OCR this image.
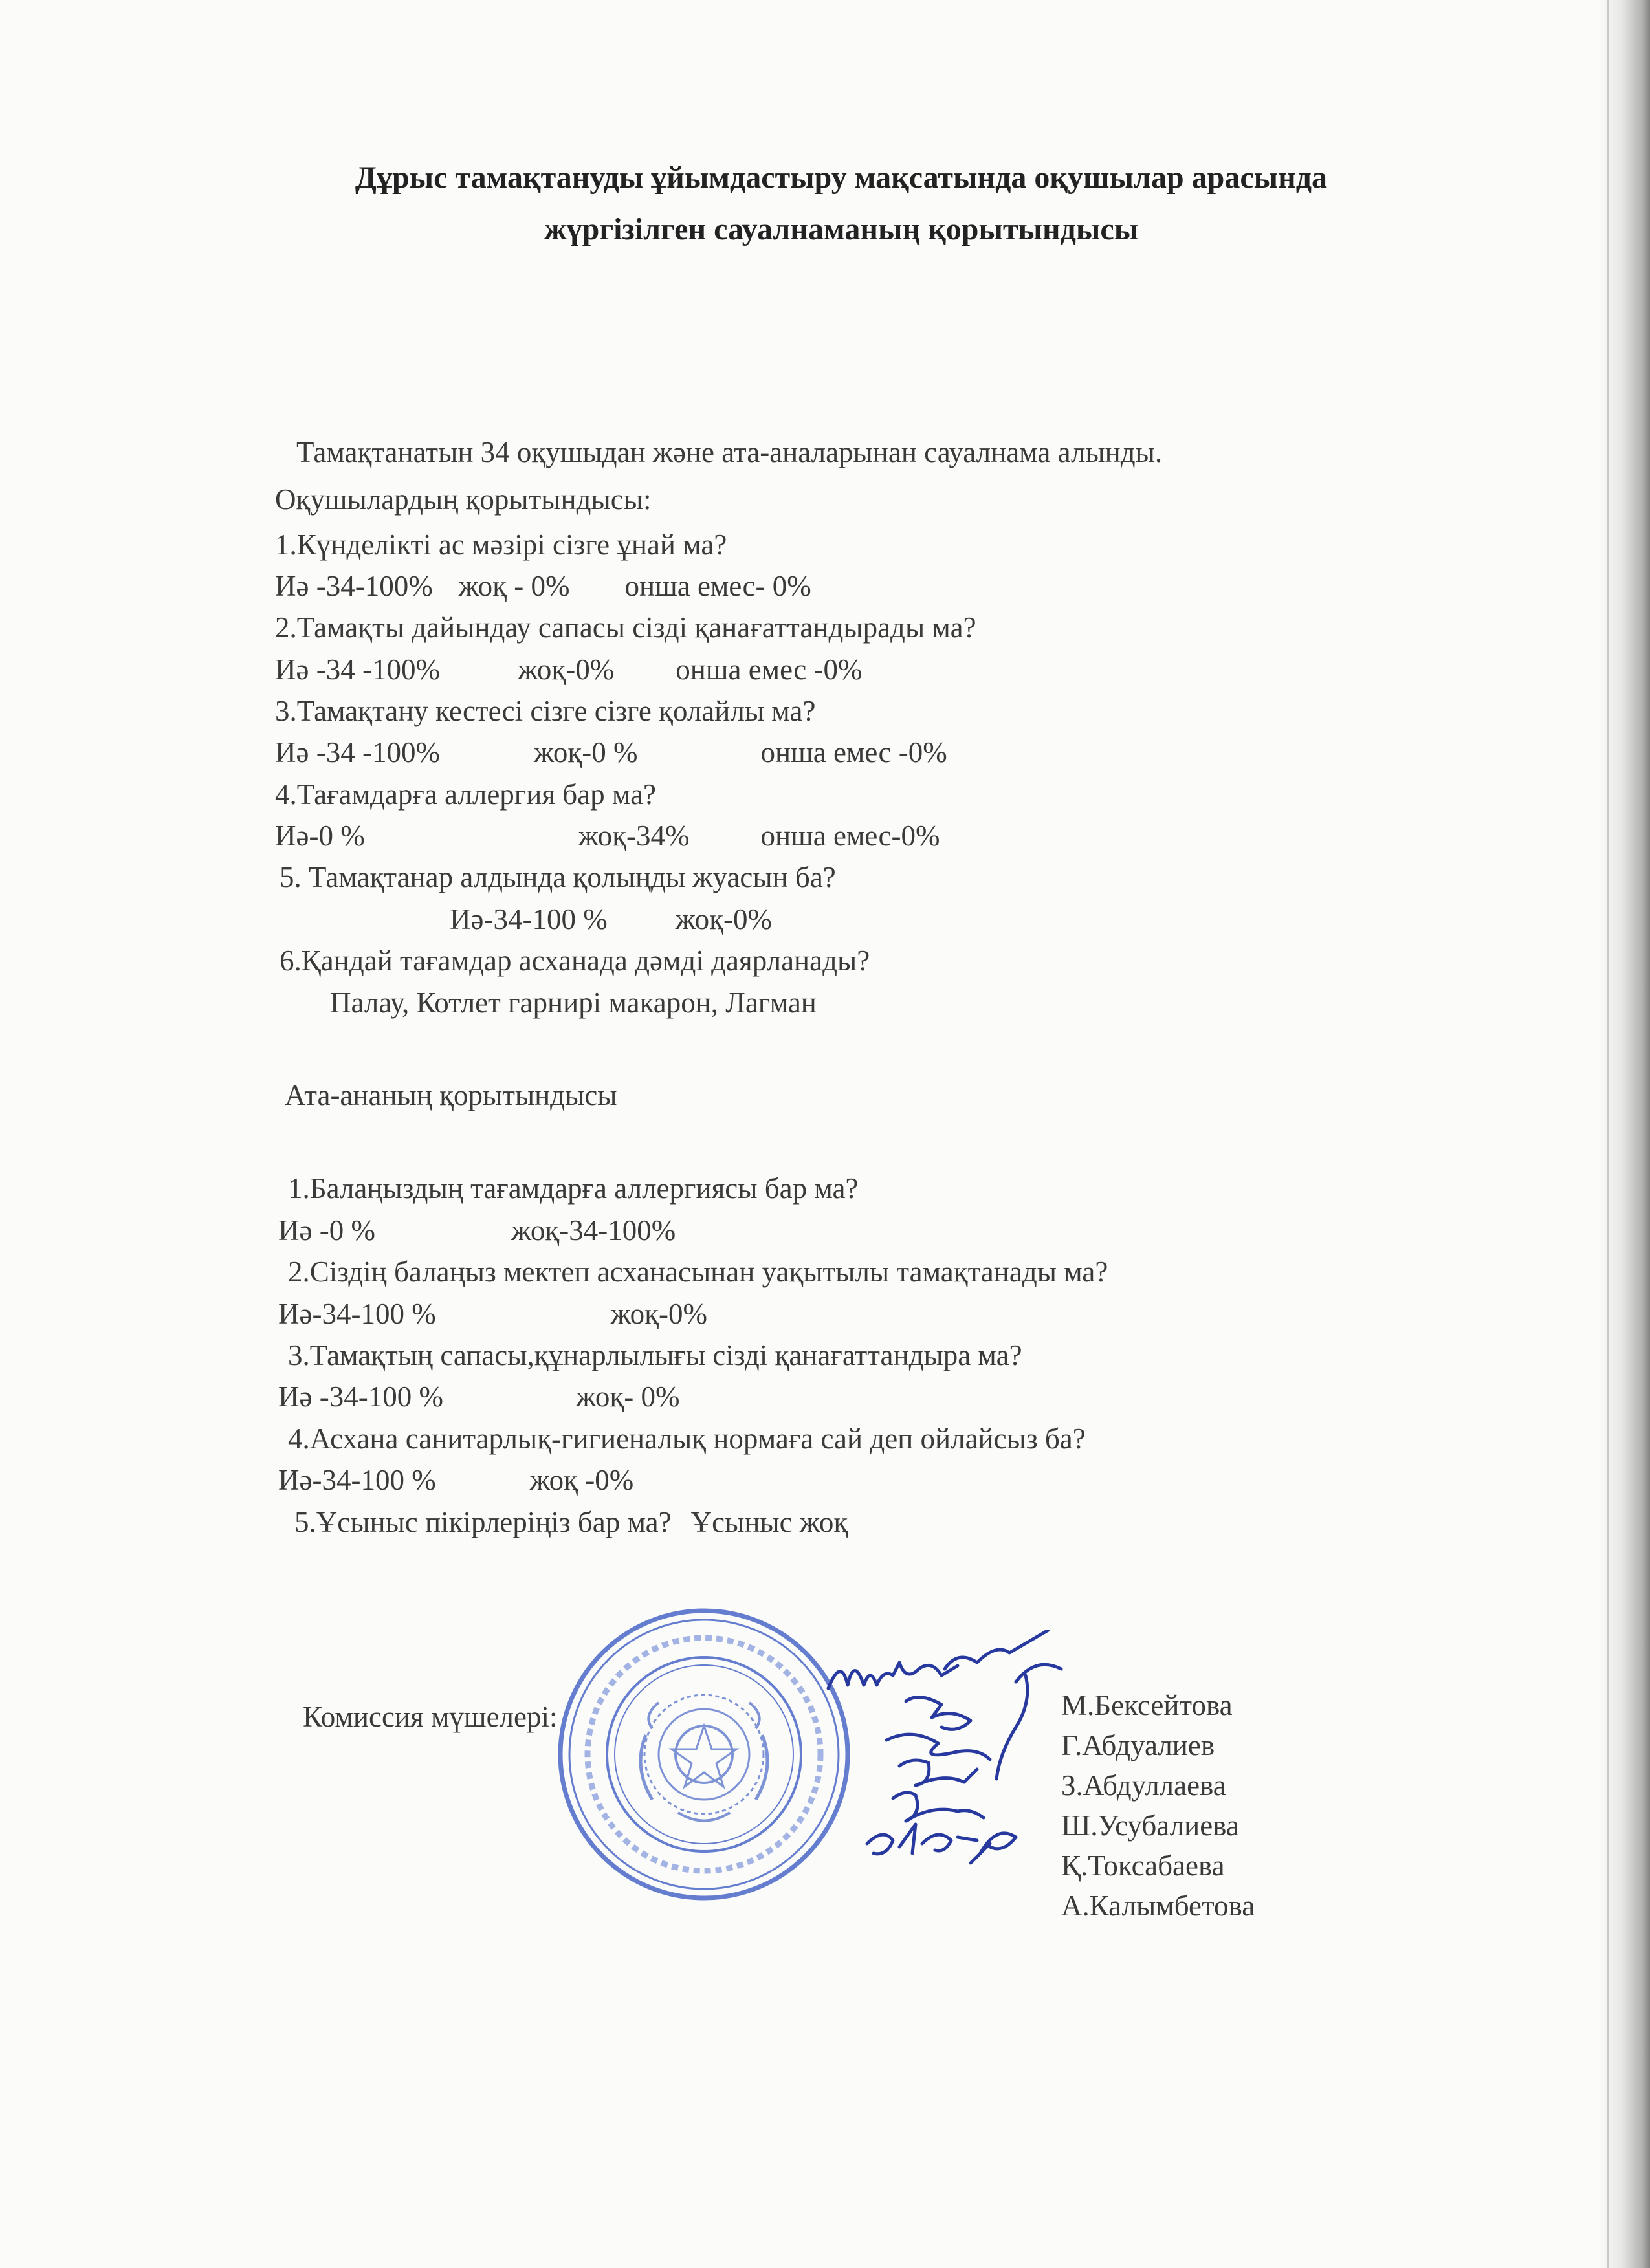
Дұрыс тамақтануды ұйымдастыру мақсатында оқушылар арасында
жүргізілген сауалнаманың қорытындысы
Тамақтанатын 34 оқушыдан және ата-аналарынан сауалнама алынды.
Оқушылардың қорытындысы:
1.Күнделікті ас мәзірі сізге ұнай ма?
Иә -34-100% жоқ - 0% онша емес- 0%
2.Тамақты дайындау сапасы сізді қанағаттандырады ма?
Иә -34 -100%	жоқ-0% онша емес -0%
3.Тамақтану кестесі сізге сізге қолайлы ма?
Иә -34 -100%	жоқ-0 %	онша емес -0%
4.Тағамдарға аллергия бар ма?
Иә-0 %	жоқ-34% онша емес-0%
5. Тамақтанар алдында қолыңды жуасын ба?
Иә-34-100 % жоқ-0%
6.Қандай тағамдар асханада дәмді даярланады?
Палау, Котлет гарнирі макарон, Лагман
Ата-ананың қорытындысы
1.Балаңыздың тағамдарға аллергиясы бар ма?
Иә -0 %	жоқ-34-100%
2.Сіздің балаңыз мектеп асханасынан уақытылы тамақтанады ма?
Иә-34-100 %	жоқ-0%
3.Тамақтың сапасы,құнарлылығы сізді қанағаттандыра ма?
Иә -34-100 %	жоқ- 0%
4.Асхана санитарлық-гигиеналық нормаға сай деп ойлайсыз ба?
Иә-34-100 %	жоқ -0%
5.Ұсыныс пікірлеріңіз бар ма? Ұсыныс жоқ
Комиссия мүшелері:	М.Бексейтова
Г.Абдуалиев
З.Абдуллаева
Ш.Усубалиева
Қ.Токсабаева
А.Калымбетова
